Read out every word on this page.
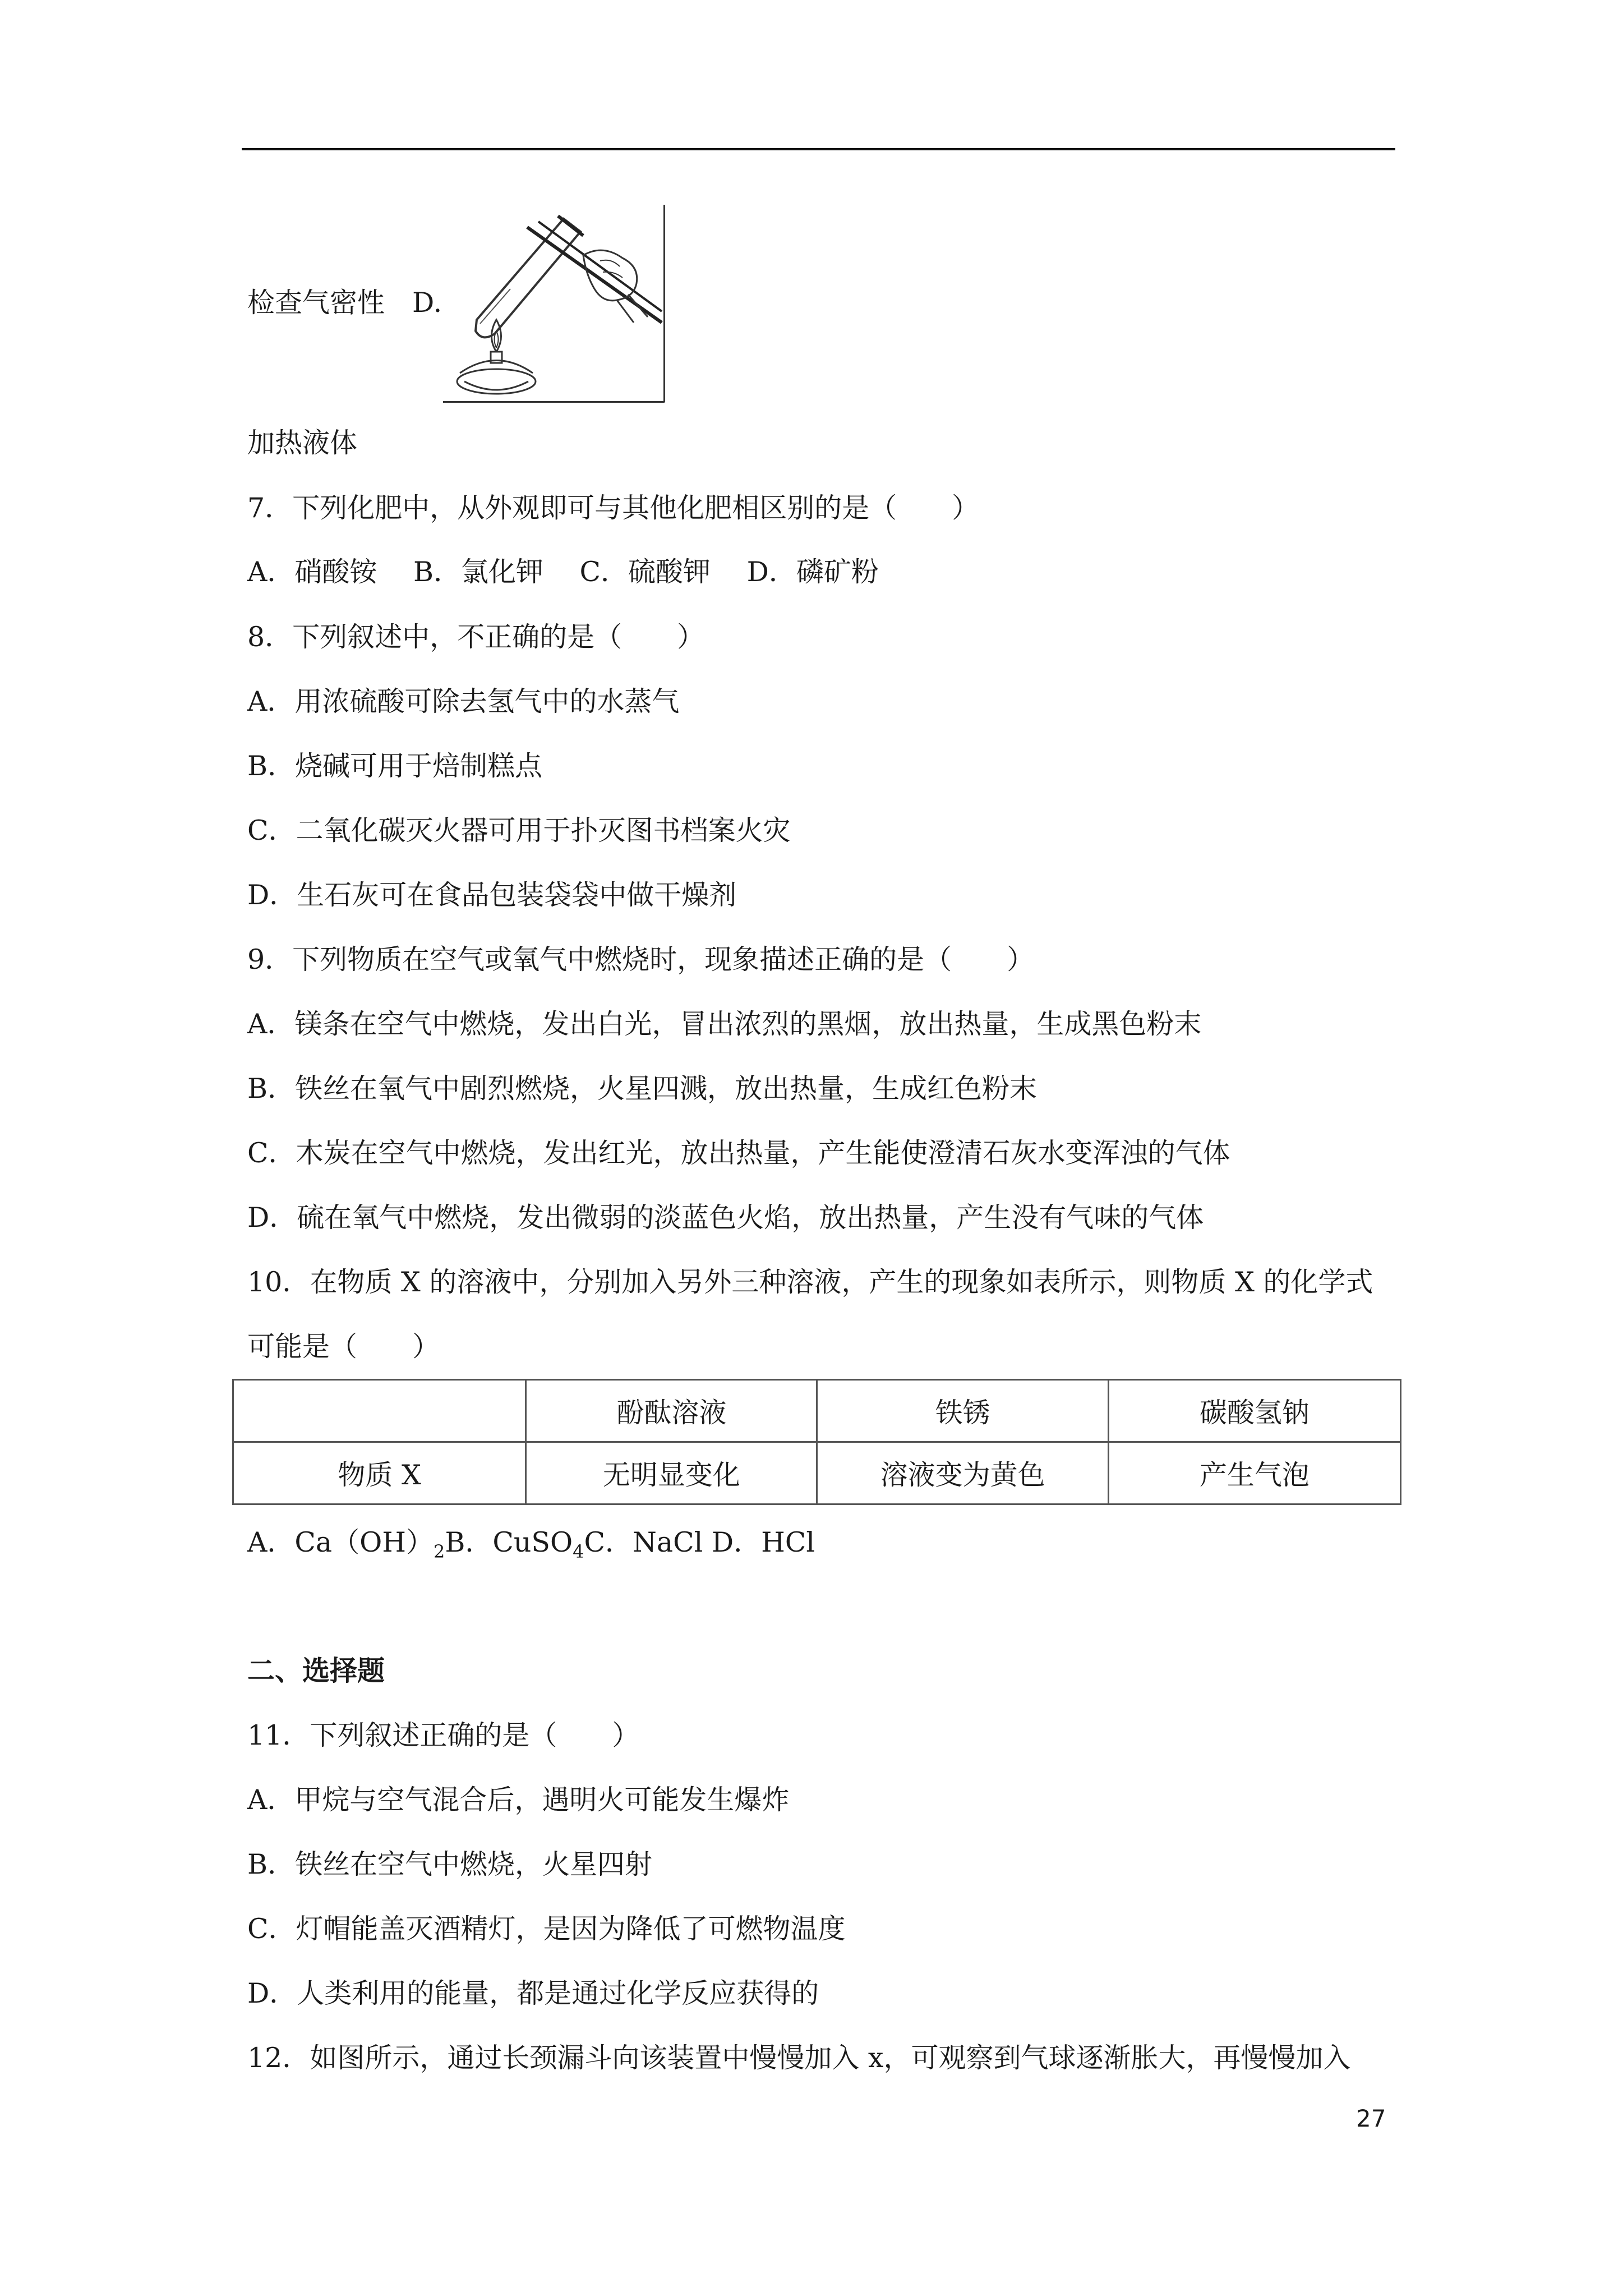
检查气密性　 D.
加热液体
7．下列化肥中，从外观即可与其他化肥相区别的是（　　）
A．硝酸铵　 B．氯化钾　 C．硫酸钾　 D．磷矿粉
8．下列叙述中，不正确的是（　　）
A．用浓硫酸可除去氢气中的水蒸气
B．烧碱可用于焙制糕点
C．二氧化碳灭火器可用于扑灭图书档案火灾
D．生石灰可在食品包装袋袋中做干燥剂
9．下列物质在空气或氧气中燃烧时，现象描述正确的是（　　）
A．镁条在空气中燃烧，发出白光，冒出浓烈的黑烟，放出热量，生成黑色粉末
B．铁丝在氧气中剧烈燃烧，火星四溅，放出热量，生成红色粉末
C．木炭在空气中燃烧，发出红光，放出热量，产生能使澄清石灰水变浑浊的气体
D．硫在氧气中燃烧，发出微弱的淡蓝色火焰，放出热量，产生没有气味的气体
10．在物质 X 的溶液中，分别加入另外三种溶液，产生的现象如表所示，则物质 X 的化学式
可能是（　　）
	酚酞溶液	铁锈	碳酸氢钠
物质 X	无明显变化	溶液变为黄色	产生气泡
A．$Ca(OH)_2B$．CuSO$_4$C．NaCl D．HCl
二、选择题
11．下列叙述正确的是（　　）
A．甲烷与空气混合后，遇明火可能发生爆炸
B．铁丝在空气中燃烧，火星四射
C．灯帽能盖灭酒精灯，是因为降低了可燃物温度
D．人类利用的能量，都是通过化学反应获得的
12．如图所示，通过长颈漏斗向该装置中慢慢加入 x，可观察到气球逐渐胀大，再慢慢加入
27
